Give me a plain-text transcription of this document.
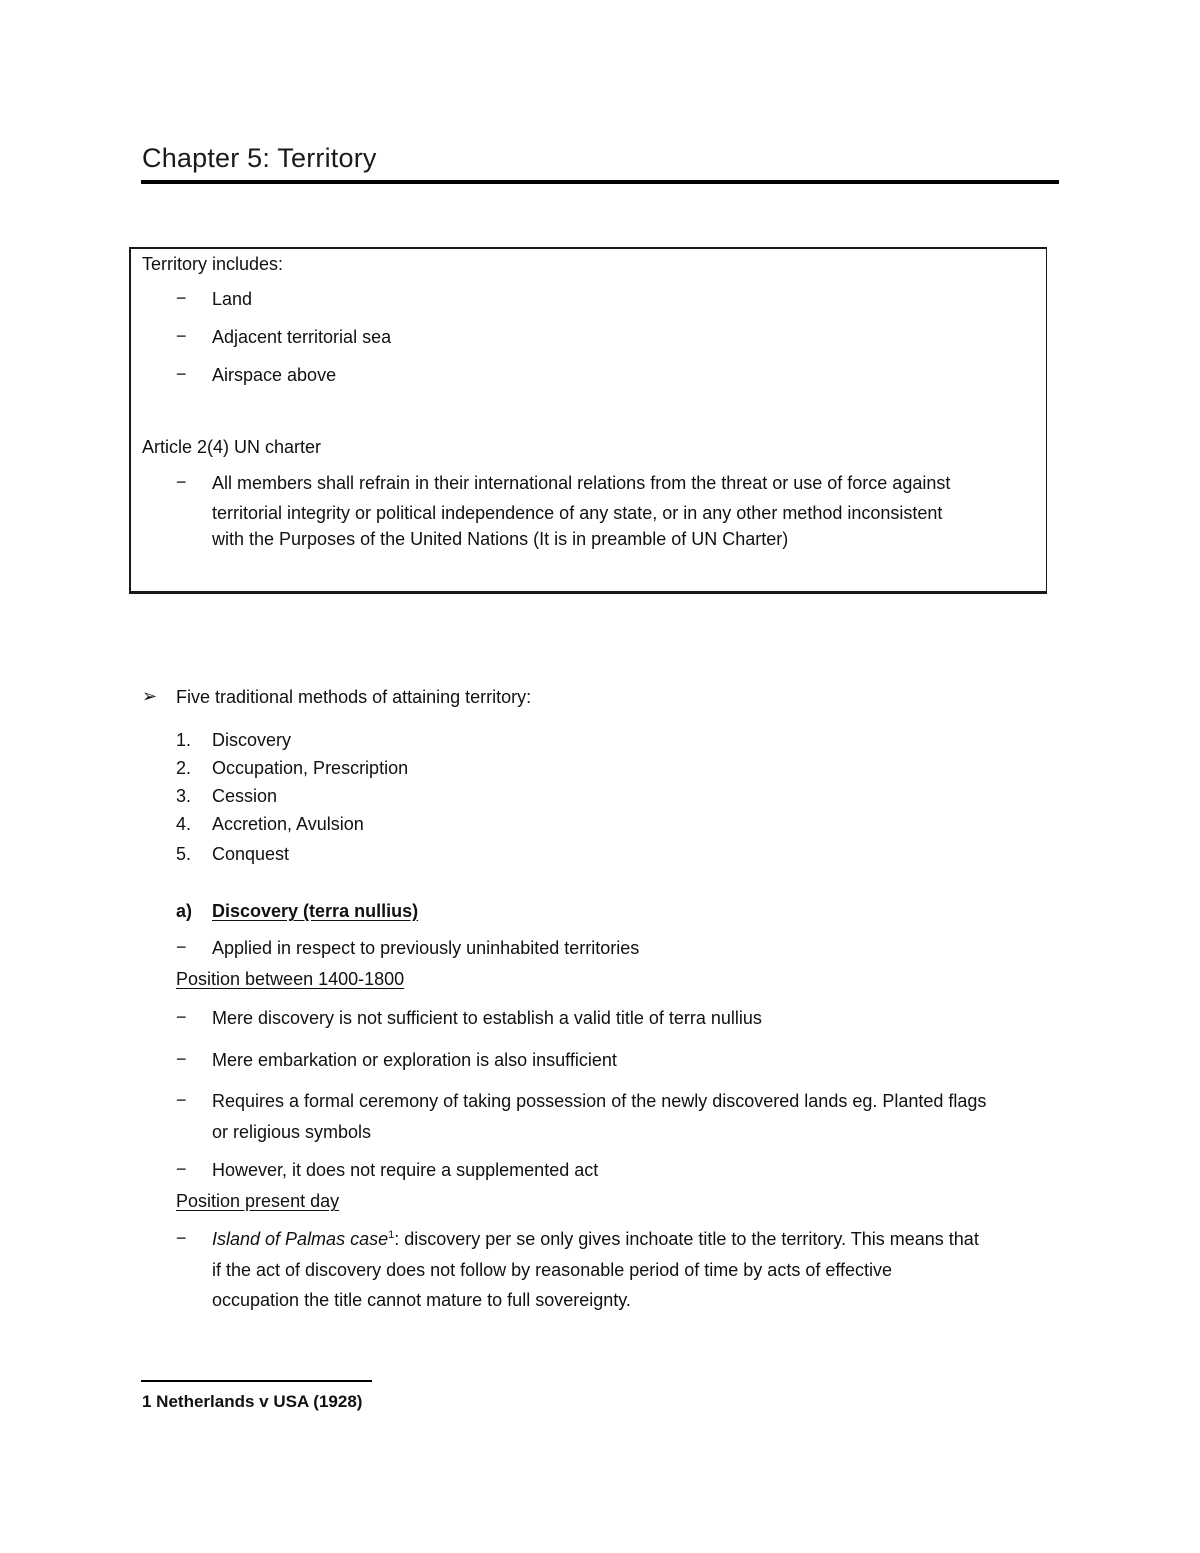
Chapter 5: Territory
Territory includes:
− Land
− Adjacent territorial sea
− Airspace above
Article 2(4) UN charter
− All members shall refrain in their international relations from the threat or use of force against
territorial integrity or political independence of any state, or in any other method inconsistent
with the Purposes of the United Nations (It is in preamble of UN Charter)
➢ Five traditional methods of attaining territory:
1. Discovery
2. Occupation, Prescription
3. Cession
4. Accretion, Avulsion
5. Conquest
a) Discovery (terra nullius)
− Applied in respect to previously uninhabited territories
Position between 1400-1800
− Mere discovery is not sufficient to establish a valid title of terra nullius
− Mere embarkation or exploration is also insufficient
− Requires a formal ceremony of taking possession of the newly discovered lands eg. Planted flags
or religious symbols
− However, it does not require a supplemented act
Position present day
− Island of Palmas case$^1$: discovery per se only gives inchoate title to the territory. This means that
if the act of discovery does not follow by reasonable period of time by acts of effective
occupation the title cannot mature to full sovereignty.
1 Netherlands v USA (1928)
